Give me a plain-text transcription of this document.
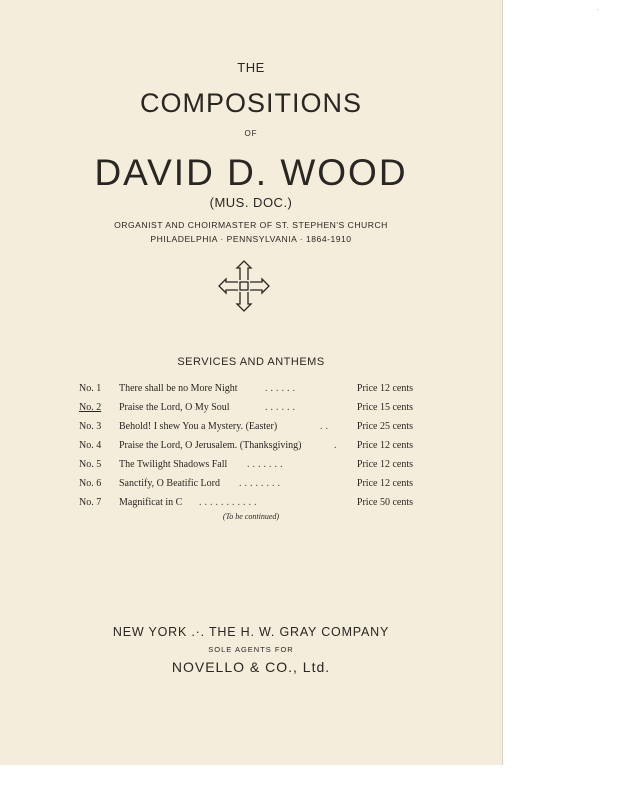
THE
COMPOSITIONS
OF
DAVID D. WOOD
(MUS. DOC.)
ORGANIST AND CHOIRMASTER OF ST. STEPHEN'S CHURCH
PHILADELPHIA · PENNSYLVANIA · 1864-1910
SERVICES AND ANTHEMS
No. 1 There shall be no More Night	......	Price 12 cents
No. 2 Praise the Lord, O My Soul	......	Price 15 cents
No. 3 Behold! I shew You a Mystery. (Easter)	..	Price 25 cents
No. 4 Praise the Lord, O Jerusalem. (Thanksgiving)	. Price 12 cents
No. 5 The Twilight Shadows Fall .......	Price 12 cents
No. 6 Sanctify, O Beatific Lord ........	Price 12 cents
No. 7 Magnificat in C ...........	Price 50 cents
(To be continued)
NEW YORK .·. THE H. W. GRAY COMPANY
SOLE AGENTS FOR
NOVELLO & CO., Ltd.
'
